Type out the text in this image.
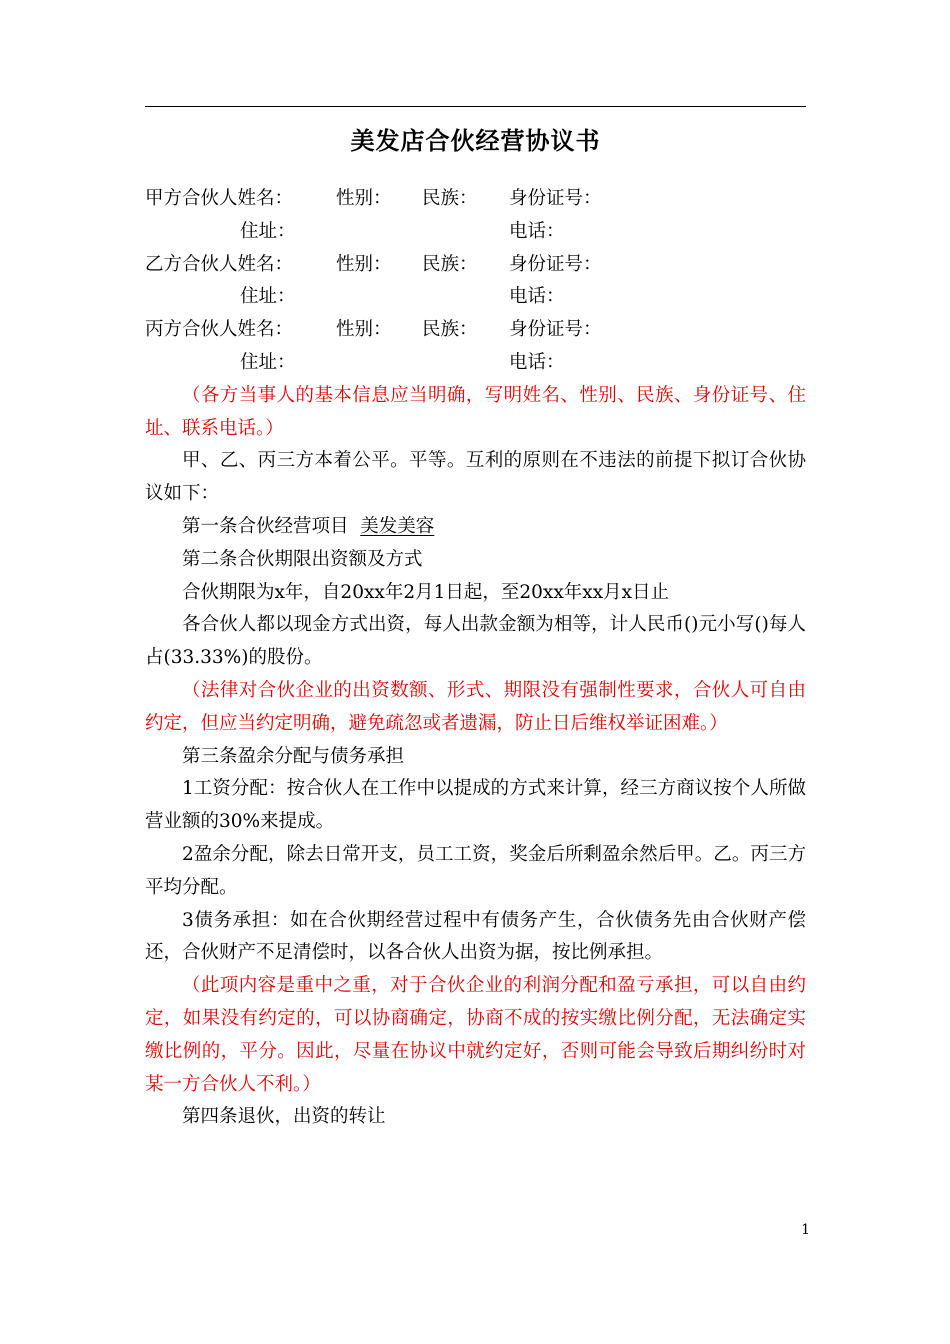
美发店合伙经营协议书
甲方合伙人姓名： 性别： 民族： 身份证号：
住址：	电话：
乙方合伙人姓名： 性别： 民族： 身份证号：
住址：	电话：
丙方合伙人姓名： 性别： 民族： 身份证号：
住址：	电话：

（各方当事人的基本信息应当明确，写明姓名、性别、民族、身份证号、住址、联系电话。）

甲、乙、丙三方本着公平。平等。互利的原则在不违法的前提下拟订合伙协议如下：

第一条合伙经营项目 美发美容

第二条合伙期限出资额及方式

合伙期限为x年，自20xx年2月1日起，至20xx年xx月x日止

各合伙人都以现金方式出资，每人出款金额为相等，计人民币()元小写()每人占(33.33%)的股份。

（法律对合伙企业的出资数额、形式、期限没有强制性要求，合伙人可自由约定，但应当约定明确，避免疏忽或者遗漏，防止日后维权举证困难。）

第三条盈余分配与债务承担

1工资分配：按合伙人在工作中以提成的方式来计算，经三方商议按个人所做营业额的30%来提成。

2盈余分配，除去日常开支，员工工资，奖金后所剩盈余然后甲。乙。丙三方平均分配。

3债务承担：如在合伙期经营过程中有债务产生，合伙债务先由合伙财产偿还，合伙财产不足清偿时，以各合伙人出资为据，按比例承担。

（此项内容是重中之重，对于合伙企业的利润分配和盈亏承担，可以自由约定，如果没有约定的，可以协商确定，协商不成的按实缴比例分配，无法确定实缴比例的，平分。因此，尽量在协议中就约定好，否则可能会导致后期纠纷时对某一方合伙人不利。）

第四条退伙，出资的转让

1
